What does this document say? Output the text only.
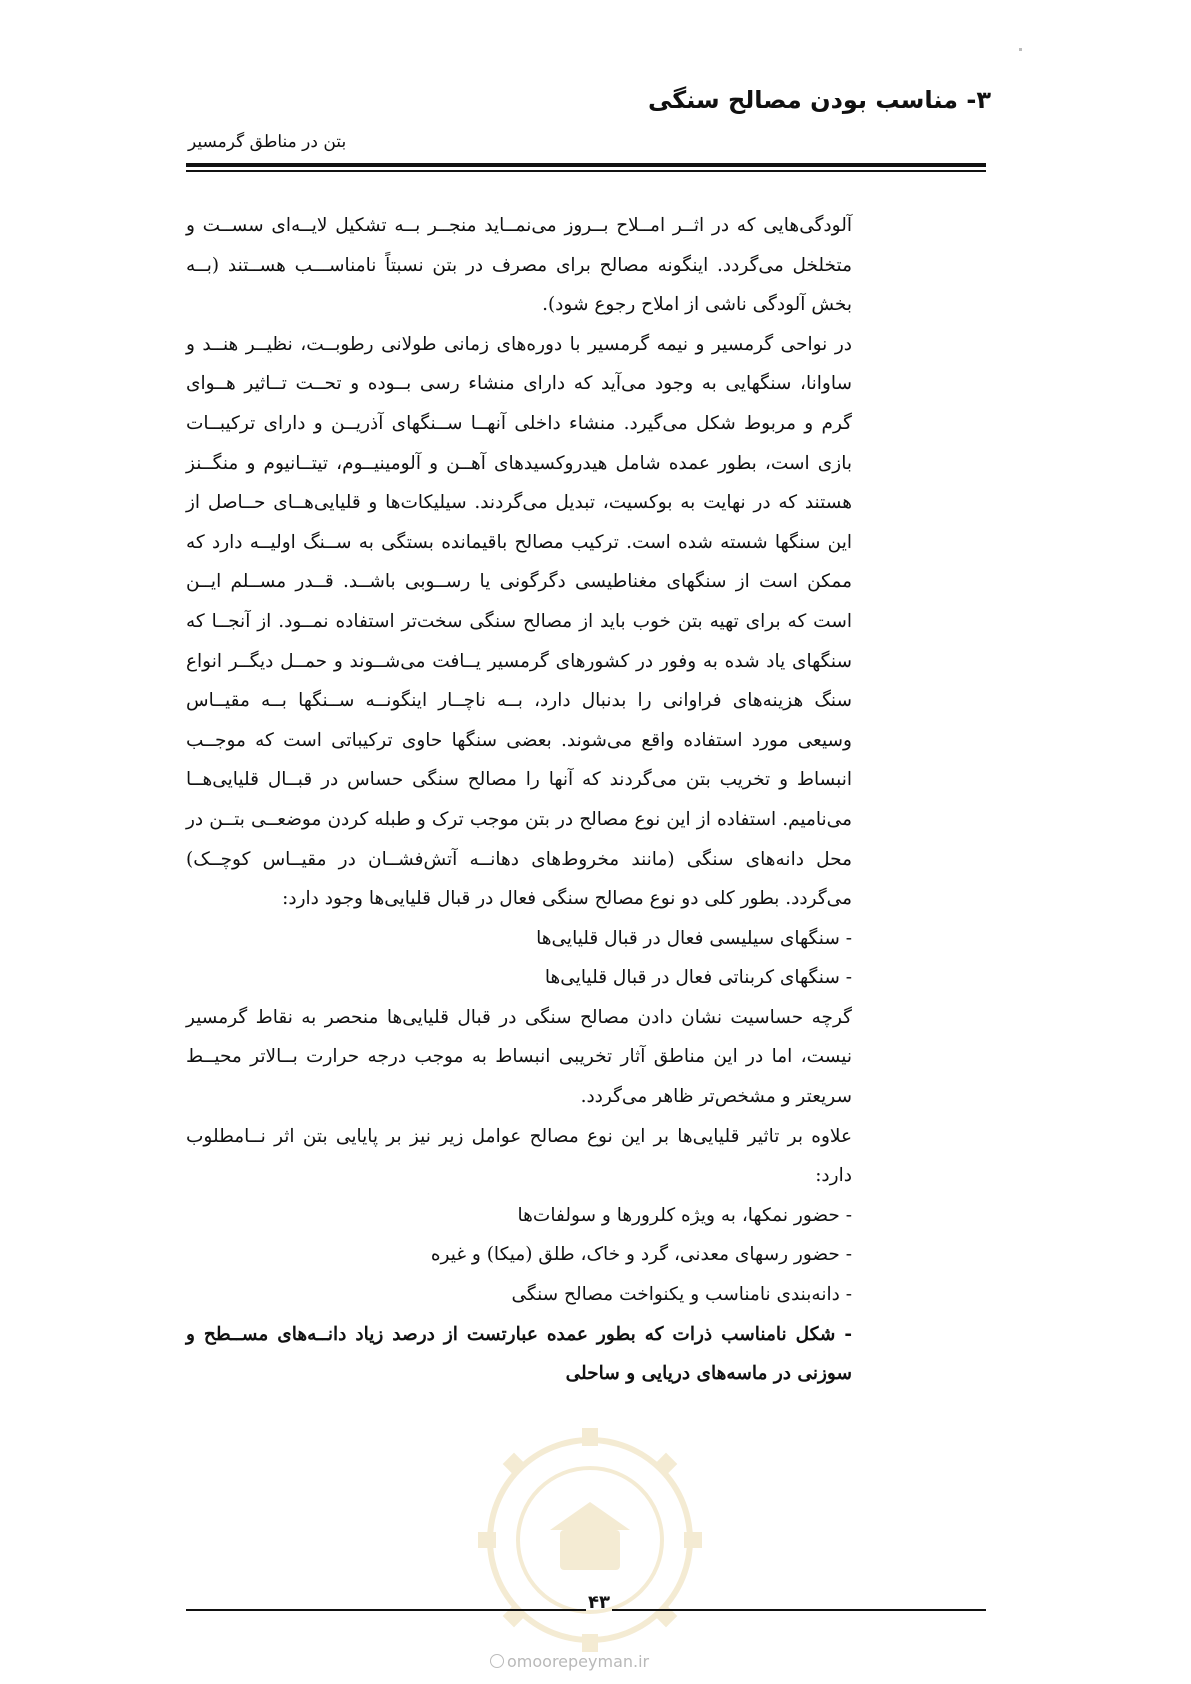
۳- مناسب بودن مصالح سنگی
بتن در مناطق گرمسیر

آلودگی‌هایی که در اثــر امــلاح بــروز می‌نمــاید منجــر بــه تشکیل لایــه‌ای سســت و متخلخل می‌گردد. اینگونه مصالح برای مصرف در بتن نسبتاً نامناســـب هســتند (بــه بخش آلودگی ناشی از املاح رجوع شود).

در نواحی گرمسیر و نیمه گرمسیر با دوره‌های زمانی طولانی رطوبــت، نظیــر هنــد و ساوانا، سنگهایی به وجود می‌آید که دارای منشاء رسی بــوده و تحــت تــاثیر هــوای گرم و مربوط شکل می‌گیرد. منشاء داخلی آنهــا ســنگهای آذریــن و دارای ترکیبــات بازی است، بطور عمده شامل هیدروکسیدهای آهــن و آلومینیــوم، تیتــانیوم و منگــنز هستند که در نهایت به بوکسیت، تبدیل می‌گردند. سیلیکات‌ها و قلیایی‌هــای حــاصل از این سنگها شسته شده است. ترکیب مصالح باقیمانده بستگی به ســنگ اولیــه دارد که ممکن است از سنگهای مغناطیسی دگرگونی یا رســوبی باشــد. قــدر مســلم ایــن است که برای تهیه بتن خوب باید از مصالح سنگی سخت‌تر استفاده نمــود. از آنجــا که سنگهای یاد شده به وفور در کشورهای گرمسیر یــافت می‌شــوند و حمــل دیگــر انواع سنگ هزینه‌های فراوانی را بدنبال دارد، بــه ناچــار اینگونــه ســنگها بــه مقیــاس وسیعی مورد استفاده واقع می‌شوند. بعضی سنگها حاوی ترکیباتی است که موجــب انبساط و تخریب بتن می‌گردند که آنها را مصالح سنگی حساس در قبــال قلیایی‌هــا می‌نامیم. استفاده از این نوع مصالح در بتن موجب ترک و طبله کردن موضعــی بتــن در محل دانه‌های سنگی (مانند مخروط‌های دهانــه آتش‌فشــان در مقیــاس کوچــک) می‌گردد. بطور کلی دو نوع مصالح سنگی فعال در قبال قلیایی‌ها وجود دارد:

- سنگهای سیلیسی فعال در قبال قلیایی‌ها

- سنگهای کربناتی فعال در قبال قلیایی‌ها

گرچه حساسیت نشان دادن مصالح سنگی در قبال قلیایی‌ها منحصر به نقاط گرمسیر نیست، اما در این مناطق آثار تخریبی انبساط به موجب درجه حرارت بــالاتر محیــط سریعتر و مشخص‌تر ظاهر می‌گردد.

علاوه بر تاثیر قلیایی‌ها بر این نوع مصالح عوامل زیر نیز بر پایایی بتن اثر نــامطلوب دارد:

- حضور نمکها، به ویژه کلرورها و سولفات‌ها

- حضور رسهای معدنی، گرد و خاک، طلق (میکا) و غیره

- دانه‌بندی نامناسب و یکنواخت مصالح سنگی

- شکل نامناسب ذرات که بطور عمده عبارتست از درصد زیاد دانــه‌های مســطح و سوزنی در ماسه‌های دریایی و ساحلی

۴۳
omoorepeyman.ir
